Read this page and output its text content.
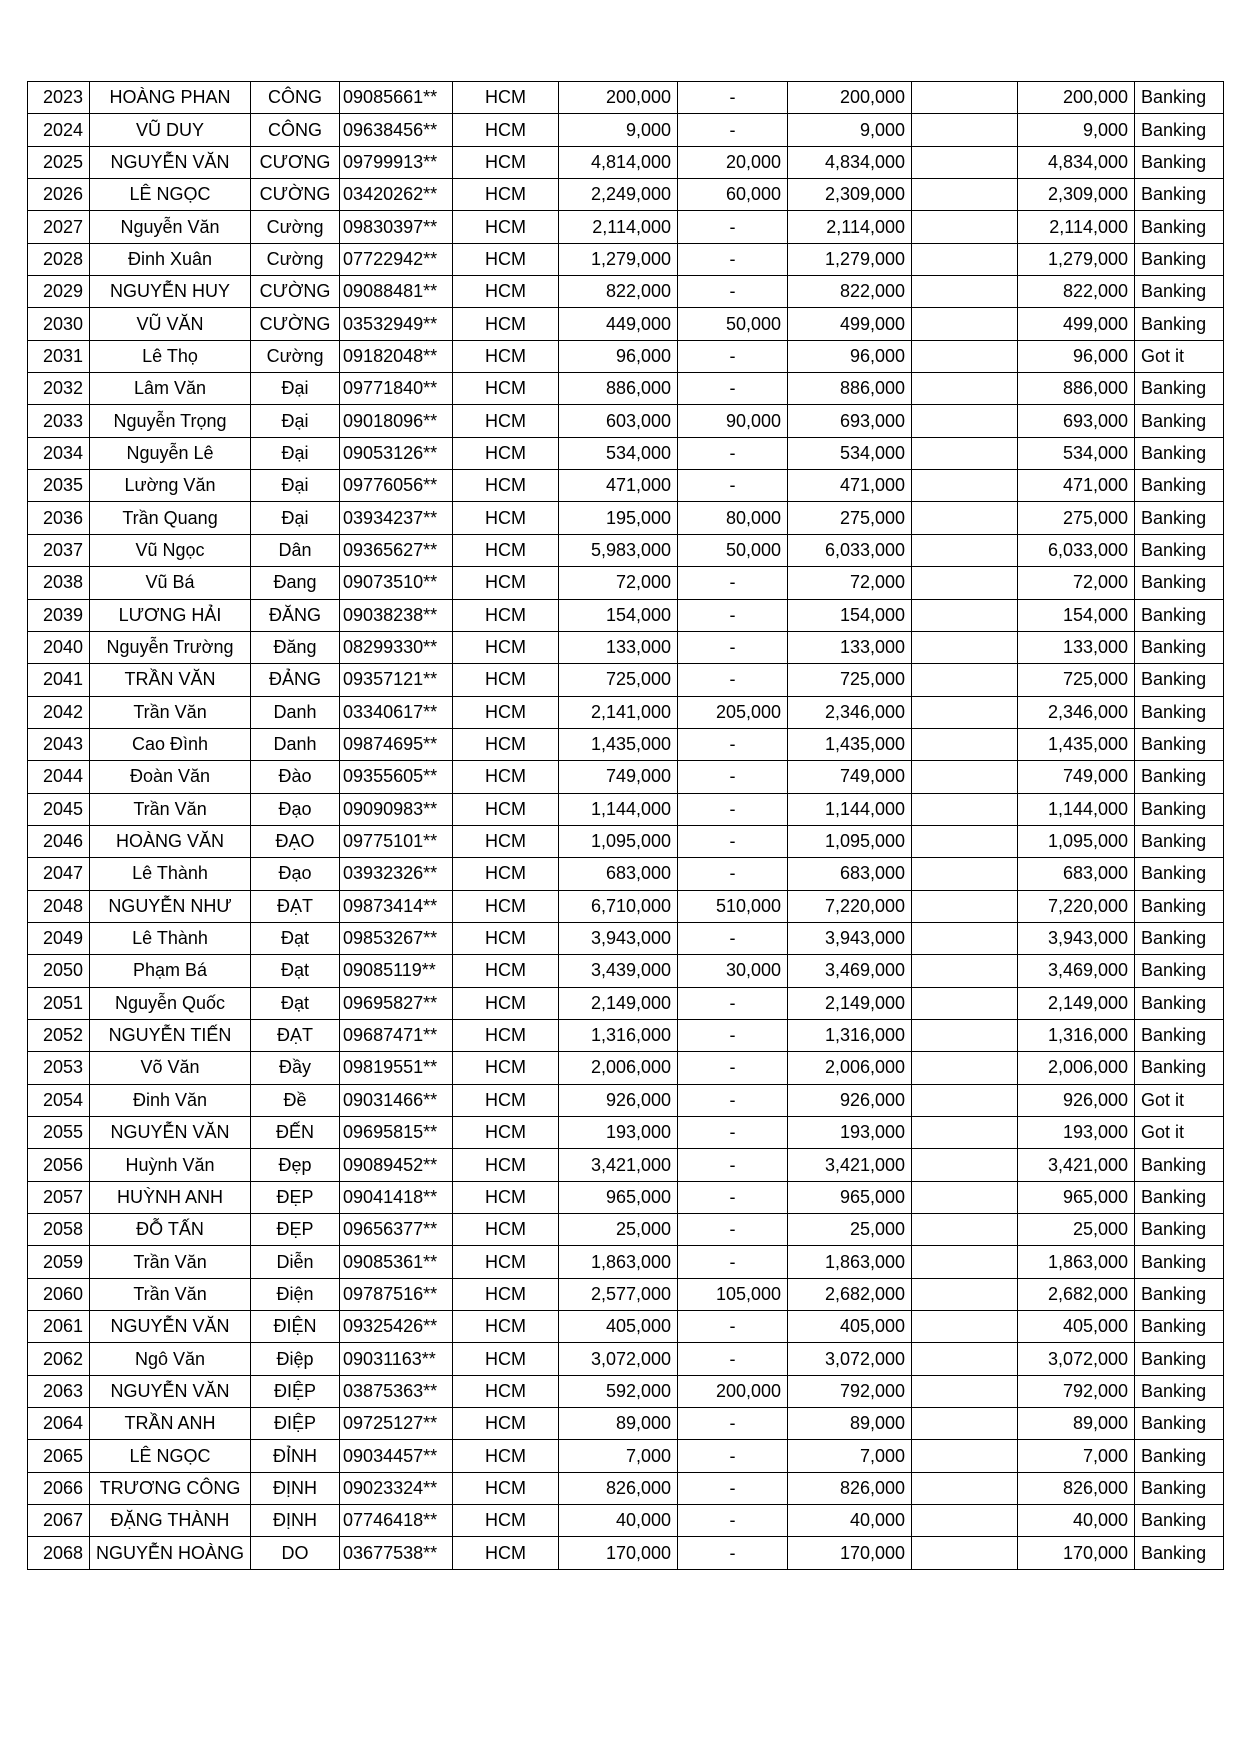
2023	HOÀNG PHAN	CÔNG	09085661**	HCM	200,000	-	200,000		200,000	Banking
2024	VŨ DUY	CÔNG	09638456**	HCM	9,000	-	9,000		9,000	Banking
2025	NGUYỄN VĂN	CƯƠNG	09799913**	HCM	4,814,000	20,000	4,834,000		4,834,000	Banking
2026	LÊ NGỌC	CƯỜNG	03420262**	HCM	2,249,000	60,000	2,309,000		2,309,000	Banking
2027	Nguyễn Văn	Cường	09830397**	HCM	2,114,000	-	2,114,000		2,114,000	Banking
2028	Đinh Xuân	Cường	07722942**	HCM	1,279,000	-	1,279,000		1,279,000	Banking
2029	NGUYỄN HUY	CƯỜNG	09088481**	HCM	822,000	-	822,000		822,000	Banking
2030	VŨ VĂN	CƯỜNG	03532949**	HCM	449,000	50,000	499,000		499,000	Banking
2031	Lê Thọ	Cường	09182048**	HCM	96,000	-	96,000		96,000	Got it
2032	Lâm Văn	Đại	09771840**	HCM	886,000	-	886,000		886,000	Banking
2033	Nguyễn Trọng	Đại	09018096**	HCM	603,000	90,000	693,000		693,000	Banking
2034	Nguyễn Lê	Đại	09053126**	HCM	534,000	-	534,000		534,000	Banking
2035	Lường Văn	Đại	09776056**	HCM	471,000	-	471,000		471,000	Banking
2036	Trần Quang	Đại	03934237**	HCM	195,000	80,000	275,000		275,000	Banking
2037	Vũ Ngọc	Dân	09365627**	HCM	5,983,000	50,000	6,033,000		6,033,000	Banking
2038	Vũ Bá	Đang	09073510**	HCM	72,000	-	72,000		72,000	Banking
2039	LƯƠNG HẢI	ĐĂNG	09038238**	HCM	154,000	-	154,000		154,000	Banking
2040	Nguyễn Trường	Đăng	08299330**	HCM	133,000	-	133,000		133,000	Banking
2041	TRẦN VĂN	ĐẢNG	09357121**	HCM	725,000	-	725,000		725,000	Banking
2042	Trần Văn	Danh	03340617**	HCM	2,141,000	205,000	2,346,000		2,346,000	Banking
2043	Cao Đình	Danh	09874695**	HCM	1,435,000	-	1,435,000		1,435,000	Banking
2044	Đoàn Văn	Đào	09355605**	HCM	749,000	-	749,000		749,000	Banking
2045	Trần Văn	Đạo	09090983**	HCM	1,144,000	-	1,144,000		1,144,000	Banking
2046	HOÀNG VĂN	ĐẠO	09775101**	HCM	1,095,000	-	1,095,000		1,095,000	Banking
2047	Lê Thành	Đạo	03932326**	HCM	683,000	-	683,000		683,000	Banking
2048	NGUYỄN NHƯ	ĐẠT	09873414**	HCM	6,710,000	510,000	7,220,000		7,220,000	Banking
2049	Lê Thành	Đạt	09853267**	HCM	3,943,000	-	3,943,000		3,943,000	Banking
2050	Phạm Bá	Đạt	09085119**	HCM	3,439,000	30,000	3,469,000		3,469,000	Banking
2051	Nguyễn Quốc	Đạt	09695827**	HCM	2,149,000	-	2,149,000		2,149,000	Banking
2052	NGUYỄN TIẾN	ĐẠT	09687471**	HCM	1,316,000	-	1,316,000		1,316,000	Banking
2053	Võ Văn	Đầy	09819551**	HCM	2,006,000	-	2,006,000		2,006,000	Banking
2054	Đinh Văn	Đề	09031466**	HCM	926,000	-	926,000		926,000	Got it
2055	NGUYỄN VĂN	ĐẾN	09695815**	HCM	193,000	-	193,000		193,000	Got it
2056	Huỳnh Văn	Đẹp	09089452**	HCM	3,421,000	-	3,421,000		3,421,000	Banking
2057	HUỲNH ANH	ĐẸP	09041418**	HCM	965,000	-	965,000		965,000	Banking
2058	ĐỖ TẤN	ĐẸP	09656377**	HCM	25,000	-	25,000		25,000	Banking
2059	Trần Văn	Diễn	09085361**	HCM	1,863,000	-	1,863,000		1,863,000	Banking
2060	Trần Văn	Điện	09787516**	HCM	2,577,000	105,000	2,682,000		2,682,000	Banking
2061	NGUYỄN VĂN	ĐIỆN	09325426**	HCM	405,000	-	405,000		405,000	Banking
2062	Ngô Văn	Điệp	09031163**	HCM	3,072,000	-	3,072,000		3,072,000	Banking
2063	NGUYỄN VĂN	ĐIỆP	03875363**	HCM	592,000	200,000	792,000		792,000	Banking
2064	TRẦN ANH	ĐIỆP	09725127**	HCM	89,000	-	89,000		89,000	Banking
2065	LÊ NGỌC	ĐỈNH	09034457**	HCM	7,000	-	7,000		7,000	Banking
2066	TRƯƠNG CÔNG	ĐỊNH	09023324**	HCM	826,000	-	826,000		826,000	Banking
2067	ĐẶNG THÀNH	ĐỊNH	07746418**	HCM	40,000	-	40,000		40,000	Banking
2068	NGUYỄN HOÀNG	DO	03677538**	HCM	170,000	-	170,000		170,000	Banking
